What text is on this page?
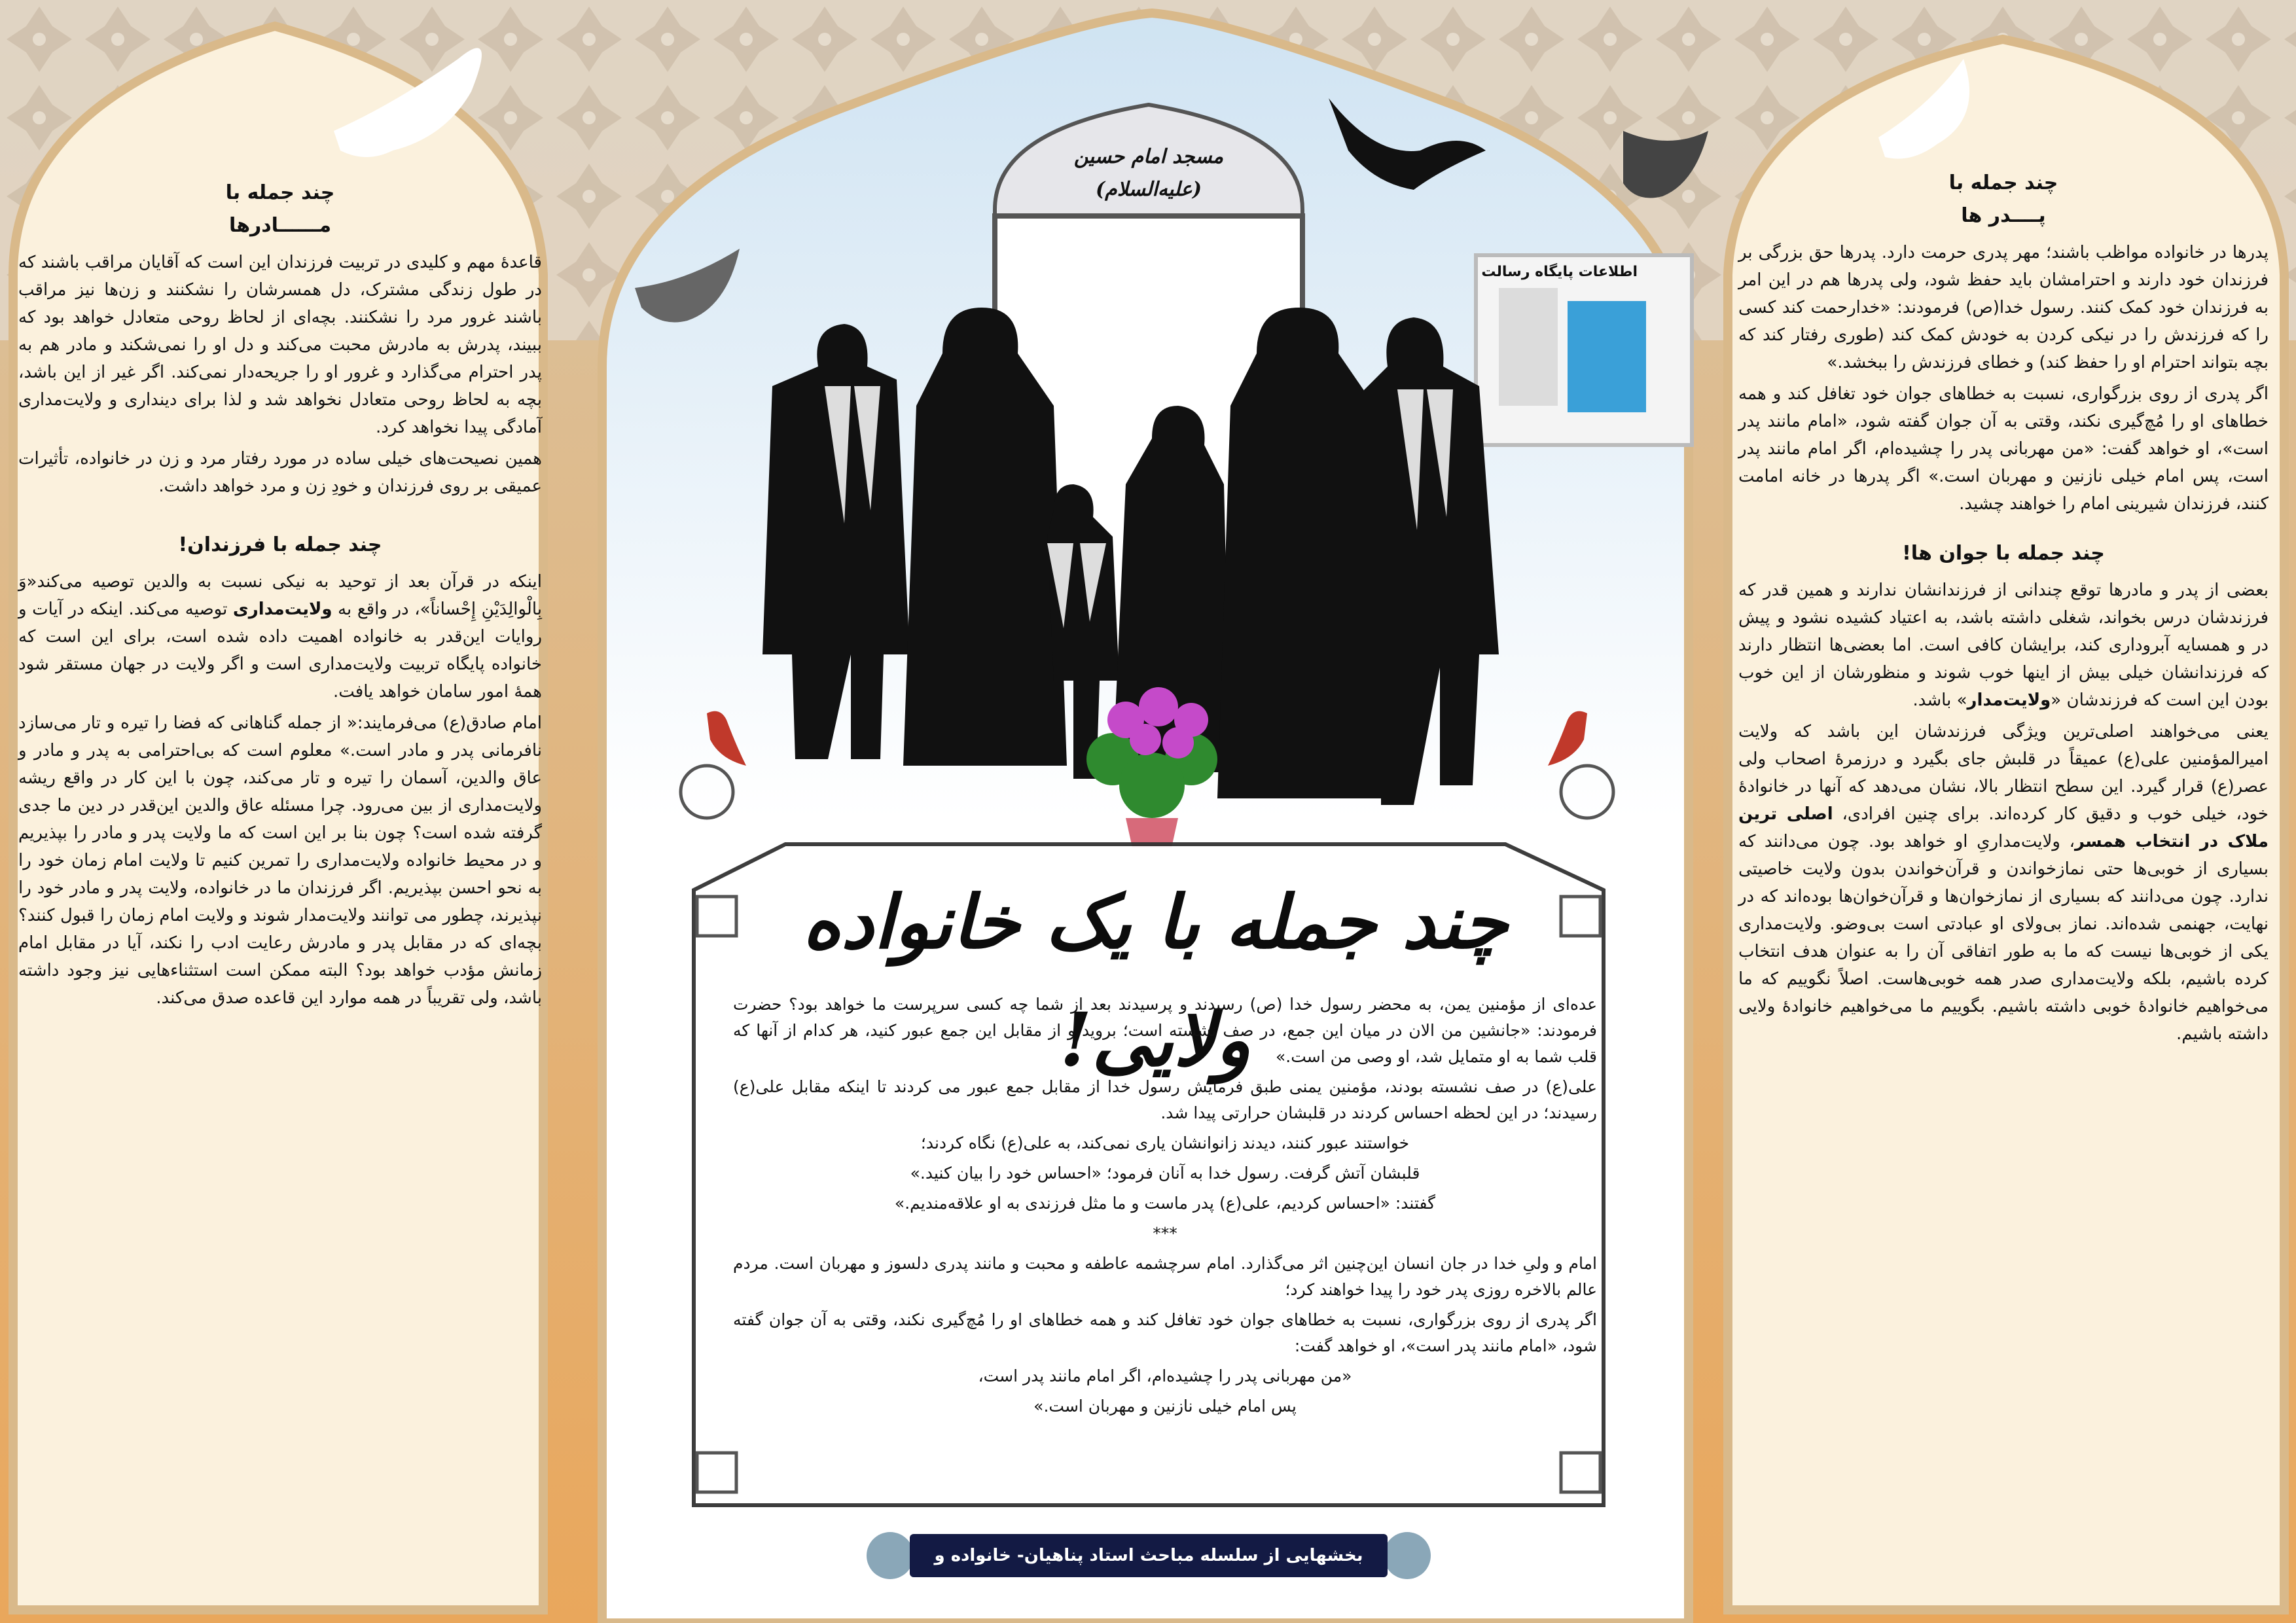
مسجد امام حسین (علیه‌السلام)
اطلاعات پایگاه رسالت
چند جمله با یک خانواده ولایی!
چند جمله با
مــــــادرها

قاعدۀ مهم و کلیدی در تربیت فرزندان این است که آقایان مراقب باشند که در طول زندگی مشترک، دل همسرشان را نشکنند و زن‌ها نیز مراقب باشند غرور مرد را نشکنند. بچه‌ای از لحاظ روحی متعادل خواهد بود که ببیند، پدرش به مادرش محبت می‌کند و دل او را نمی‌شکند و مادر هم به پدر احترام می‌گذارد و غرور او را جریحه‌دار نمی‌کند. اگر غیر از این باشد، بچه به لحاظ روحی متعادل نخواهد شد و لذا برای دینداری و ولایت‌مداری آمادگی پیدا نخواهد کرد.

همین نصیحت‌های خیلی ساده در مورد رفتار مرد و زن در خانواده، تأثیرات عمیقی بر روی فرزندان و خودِ زن و مرد خواهد داشت.

چند جمله با فرزندان!

اینکه در قرآن بعد از توحید به نیکی نسبت به والدین توصیه می‌کند«وَ بِالْوالِدَیْنِ إِحْساناً»، در واقع به ولایت‌مداری توصیه می‌کند. اینکه در آیات و روایات این‌قدر به خانواده اهمیت داده شده است، برای این است که خانواده پایگاه تربیت ولایت‌مداری است و اگر ولایت در جهان مستقر شود همۀ امور سامان خواهد یافت.

امام صادق(ع) می‌فرمایند:« از جمله گناهانی که فضا را تیره و تار می‌سازد نافرمانی پدر و مادر است.» معلوم است که بی‌احترامی به پدر و مادر و عاق والدین، آسمان را تیره و تار می‌کند، چون با این کار در واقع ریشه ولایت‌مداری از بین می‌رود. چرا مسئله عاق والدین این‌قدر در دین ما جدی گرفته شده است؟ چون بنا بر این است که ما ولایت پدر و مادر را بپذیریم و در محیط خانواده ولایت‌مداری را تمرین کنیم تا ولایت امام زمان خود را به نحو احسن بپذیریم. اگر فرزندان ما در خانواده، ولایت پدر و مادر خود را نپذیرند، چطور می توانند ولایت‌مدار شوند و ولایت امام زمان را قبول کنند؟ بچه‌ای که در مقابل پدر و مادرش رعایت ادب را نکند، آیا در مقابل امام زمانش مؤدب خواهد بود؟ البته ممکن است استثناءهایی نیز وجود داشته باشد، ولی تقریباً در همه موارد این قاعده صدق می‌کند.

چند جمله با
پــــدر ها

پدرها در خانواده مواظب باشند؛ مهر پدری حرمت دارد. پدرها حق بزرگی بر فرزندان خود دارند و احترامشان باید حفظ شود، ولی پدرها هم در این امر به فرزندان خود کمک کنند. رسول خدا(ص) فرمودند: «خدارحمت کند کسی را که فرزندش را در نیکی کردن به خودش کمک کند (طوری رفتار کند که بچه بتواند احترام او را حفظ کند) و خطای فرزندش را ببخشد.»

اگر پدری از روی بزرگواری، نسبت به خطاهای جوان خود تغافل کند و همه خطاهای او را مُچ‌گیری نکند، وقتی به آن جوان گفته شود، «امام مانند پدر است»، او خواهد گفت: «من مهربانی پدر را چشیده‌ام، اگر امام مانند پدر است، پس امام خیلی نازنین و مهربان است.» اگر پدرها در خانه امامت کنند، فرزندان شیرینی امام را خواهند چشید.

چند جمله با جوان ها!

بعضی از پدر و مادرها توقع چندانی از فرزندانشان ندارند و همین قدر که فرزندشان درس بخواند، شغلی داشته باشد، به اعتیاد کشیده نشود و پیش در و همسایه آبروداری کند، برایشان کافی است. اما بعضی‌ها انتظار دارند که فرزندانشان خیلی بیش از اینها خوب شوند و منظورشان از این خوب بودن این است که فرزندشان «ولایت‌مدار» باشد.

یعنی می‌خواهند اصلی‌ترین ویژگی فرزندشان این باشد که ولایت امیرالمؤمنین علی(ع) عمیقاً در قلبش جای بگیرد و درزمرۀ اصحاب ولی عصر(ع) قرار گیرد. این سطح انتظار بالا، نشان می‌دهد که آنها در خانوادۀ خود، خیلی خوب و دقیق کار کرده‌اند. برای چنین افرادی، اصلی ترین ملاک در انتخاب همسر، ولایت‌مداریِ او خواهد بود. چون می‌دانند که بسیاری از خوبی‌ها حتی نمازخواندن و قرآن‌خواندن بدون ولایت خاصیتی ندارد. چون می‌دانند که بسیاری از نمازخوان‌ها و قرآن‌خوان‌ها بوده‌اند که در نهایت، جهنمی شده‌اند. نماز بی‌ولای او عبادتی است بی‌وضو. ولایت‌مداری یکی از خوبی‌ها نیست که ما به طور اتفاقی آن را به عنوان هدف انتخاب کرده باشیم، بلکه ولایت‌مداری صدر همه خوبی‌هاست. اصلاً نگوییم که ما می‌خواهیم خانوادۀ خوبی داشته باشیم. بگوییم ما می‌خواهیم خانوادۀ ولایی داشته باشیم.

عده‌ای از مؤمنین یمن، به محضر رسول خدا (ص) رسیدند و پرسیدند بعد از شما چه کسی سرپرست ما خواهد بود؟ حضرت فرمودند: «جانشین من الان در میان این جمع، در صف نشسته است؛ بروید و از مقابل این جمع عبور کنید، هر کدام از آنها که قلب شما به او متمایل شد، او وصی من است.»

علی(ع) در صف نشسته بودند، مؤمنین یمنی طبق فرمایش رسول خدا از مقابل جمع عبور می کردند تا اینکه مقابل علی(ع) رسیدند؛ در این لحظه احساس کردند در قلبشان حرارتی پیدا شد.

خواستند عبور کنند، دیدند زانوانشان یاری نمی‌کند، به علی(ع) نگاه کردند؛

قلبشان آتش گرفت. رسول خدا به آنان فرمود؛ «احساس خود را بیان کنید.»

گفتند: «احساس کردیم، علی(ع) پدر ماست و ما مثل فرزندی به او علاقه‌مندیم.»

***

امام و ولیِ خدا در جان انسان این‌چنین اثر می‌گذارد. امام سرچشمه عاطفه و محبت و مانند پدری دلسوز و مهربان است. مردم عالم بالاخره روزی پدر خود را پیدا خواهند کرد؛

اگر پدری از روی بزرگواری، نسبت به خطاهای جوان خود تغافل کند و همه خطاهای او را مُچ‌گیری نکند، وقتی به آن جوان گفته شود، «امام مانند پدر است»، او خواهد گفت:

«من مهربانی پدر را چشیده‌ام، اگر امام مانند پدر است،

پس امام خیلی نازنین و مهربان است.»

بخشهایی از سلسله مباحث استاد پناهیان- خانواده و تربیت
